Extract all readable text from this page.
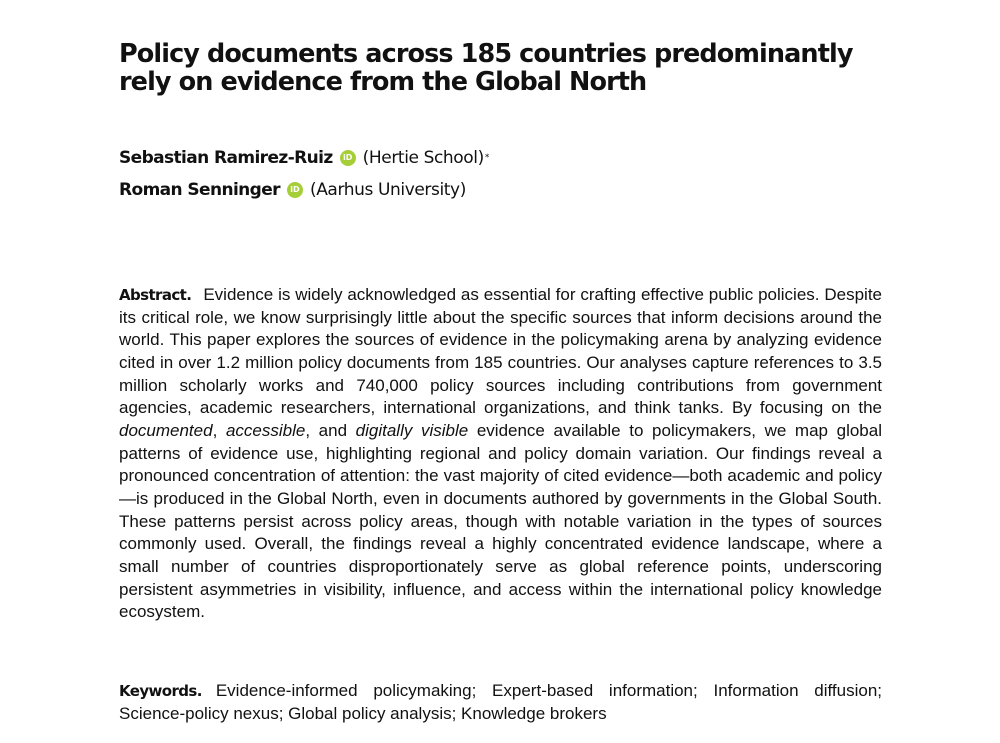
Policy documents across 185 countries predominantly rely on evidence from the Global North
Sebastian Ramirez-Ruiz	iD (Hertie School) *
Roman Senninger	iD (Aarhus University)

Abstract. Evidence is widely acknowledged as essential for crafting effective public policies. Despite its critical role, we know surprisingly little about the specific sources that inform decisions around the world. This paper explores the sources of evidence in the policymaking arena by analyzing evidence cited in over 1.2 million policy documents from 185 countries. Our analyses capture references to 3.5 million scholarly works and 740,000 policy sources including contributions from government agencies, academic researchers, international organizations, and think tanks. By focusing on the documented, accessible, and digitally visible evidence available to policymakers, we map global patterns of evidence use, highlighting regional and policy domain variation. Our findings reveal a pronounced concentration of attention: the vast majority of cited evidence—both academic and policy—is produced in the Global North, even in documents authored by governments in the Global South. These patterns persist across policy areas, though with notable variation in the types of sources commonly used. Overall, the findings reveal a highly concentrated evidence landscape, where a small number of countries disproportionately serve as global reference points, underscoring persistent asymmetries in visibility, influence, and access within the international policy knowledge ecosystem.

Keywords. Evidence-informed policymaking; Expert-based information; Information diffusion; Science-policy nexus; Global policy analysis; Knowledge brokers
